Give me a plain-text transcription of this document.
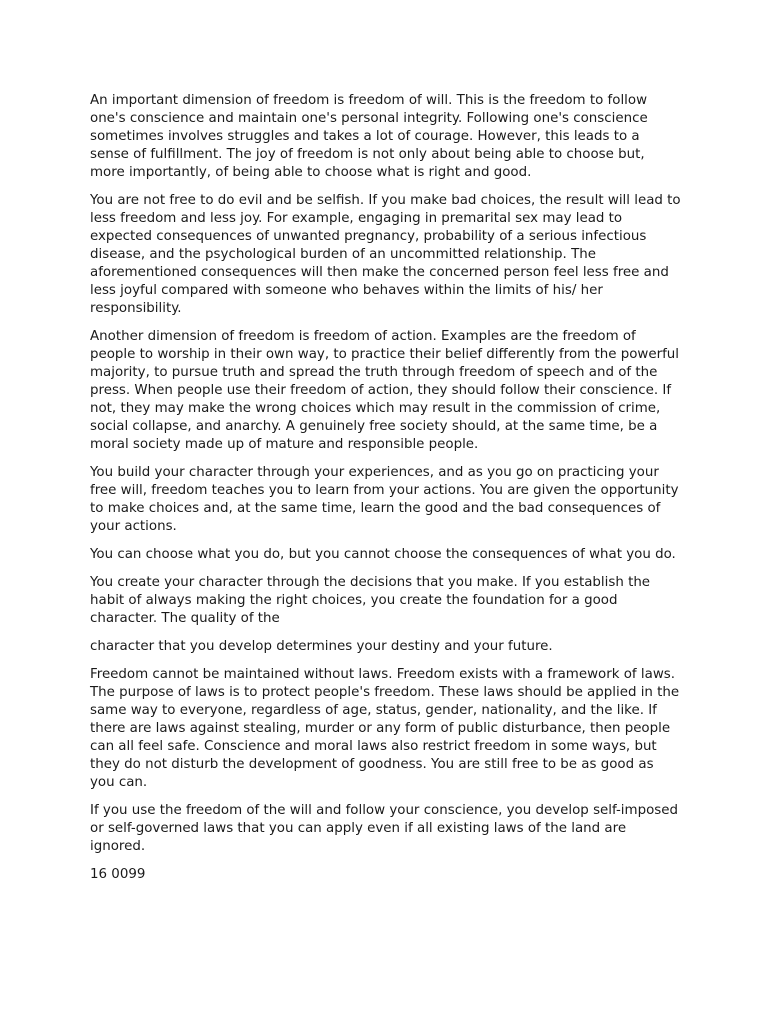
An important dimension of freedom is freedom of will. This is the freedom to follow one's conscience and maintain one's personal integrity. Following one's conscience sometimes involves struggles and takes a lot of courage. However, this leads to a sense of fulfillment. The joy of freedom is not only about being able to choose but, more importantly, of being able to choose what is right and good.

You are not free to do evil and be selfish. If you make bad choices, the result will lead to less freedom and less joy. For example, engaging in premarital sex may lead to expected consequences of unwanted pregnancy, probability of a serious infectious disease, and the psychological burden of an uncommitted relationship. The aforementioned consequences will then make the concerned person feel less free and less joyful compared with someone who behaves within the limits of his/ her responsibility.

Another dimension of freedom is freedom of action. Examples are the freedom of people to worship in their own way, to practice their belief differently from the powerful majority, to pursue truth and spread the truth through freedom of speech and of the press. When people use their freedom of action, they should follow their conscience. If not, they may make the wrong choices which may result in the commission of crime, social collapse, and anarchy. A genuinely free society should, at the same time, be a moral society made up of mature and responsible people.

You build your character through your experiences, and as you go on practicing your free will, freedom teaches you to learn from your actions. You are given the opportunity to make choices and, at the same time, learn the good and the bad consequences of your actions.

You can choose what you do, but you cannot choose the consequences of what you do.

You create your character through the decisions that you make. If you establish the habit of always making the right choices, you create the foundation for a good character. The quality of the

character that you develop determines your destiny and your future.

Freedom cannot be maintained without laws. Freedom exists with a framework of laws. The purpose of laws is to protect people's freedom. These laws should be applied in the same way to everyone, regardless of age, status, gender, nationality, and the like. If there are laws against stealing, murder or any form of public disturbance, then people can all feel safe. Conscience and moral laws also restrict freedom in some ways, but they do not disturb the development of goodness. You are still free to be as good as you can.

If you use the freedom of the will and follow your conscience, you develop self-imposed or self-governed laws that you can apply even if all existing laws of the land are ignored.

16 0099
